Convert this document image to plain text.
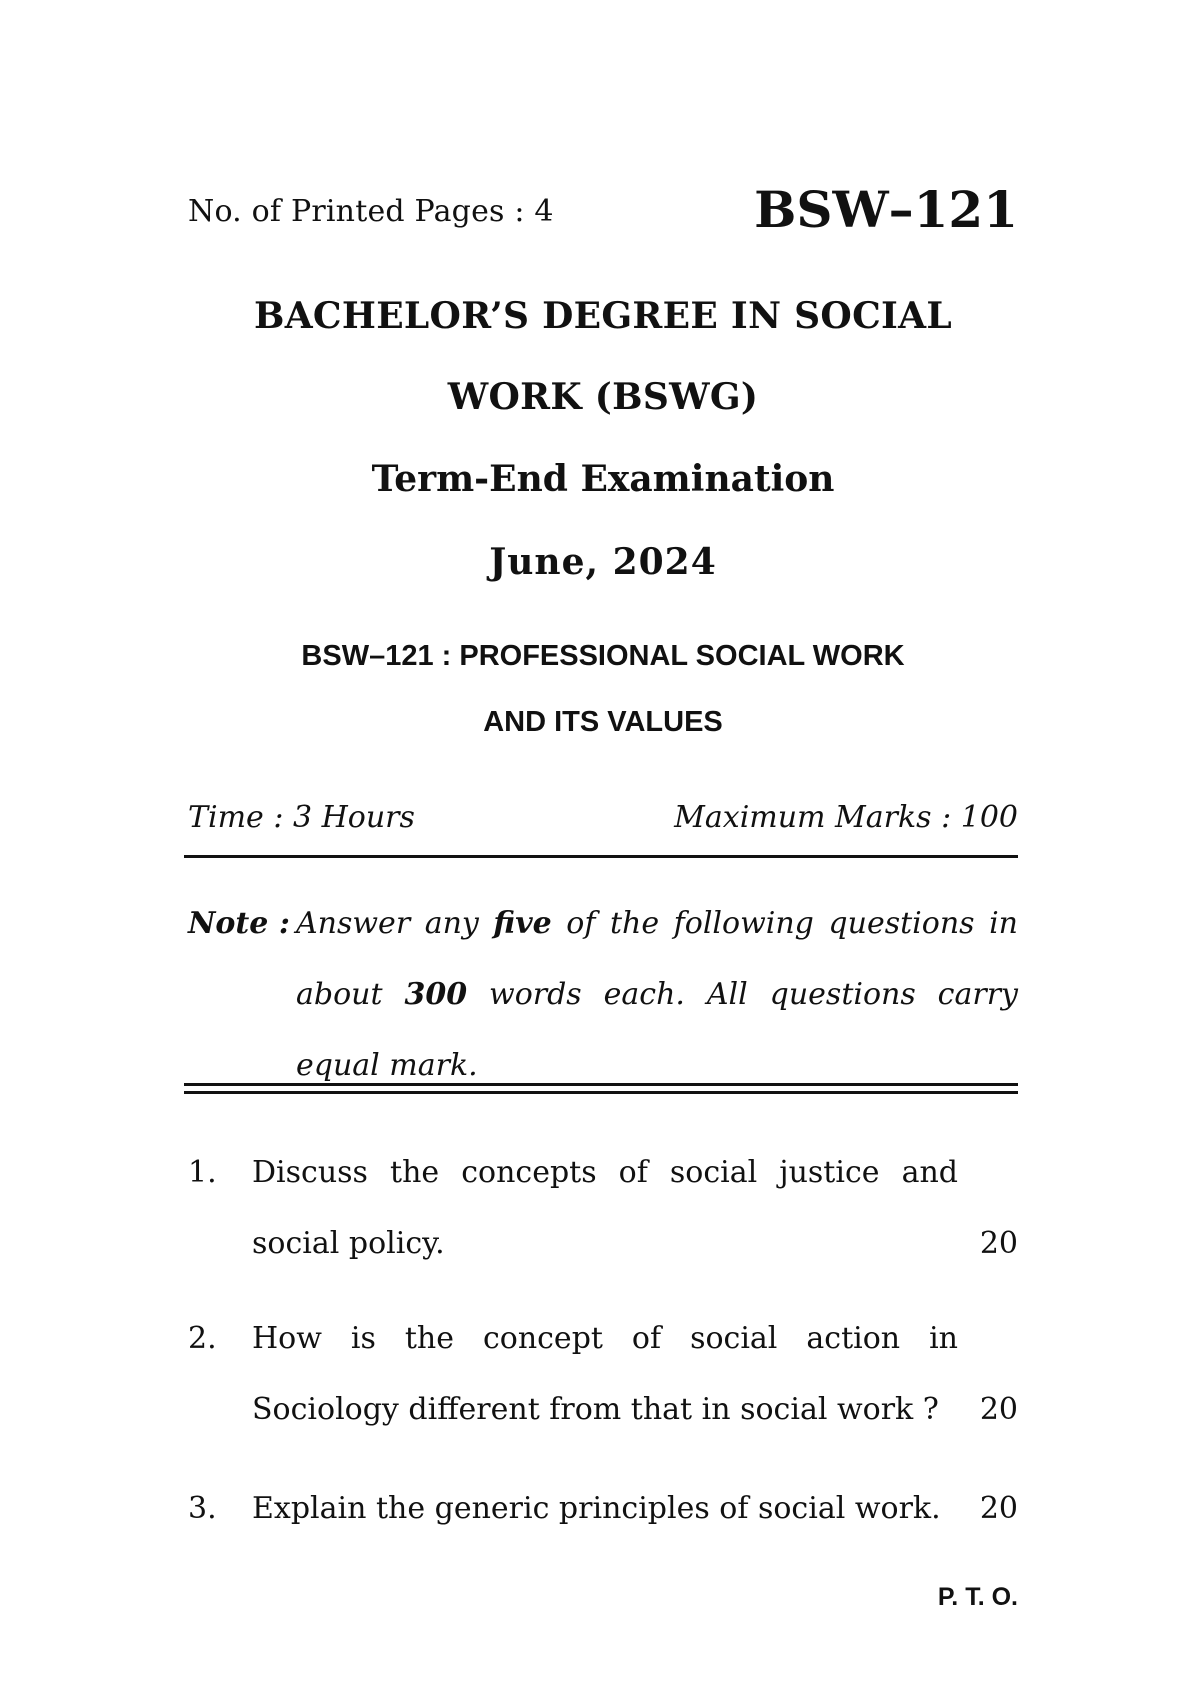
No. of Printed Pages : 4	BSW–121
BACHELOR’S DEGREE IN SOCIAL
WORK (BSWG)
Term-End Examination
June, 2024
BSW–121 : PROFESSIONAL SOCIAL WORK
AND ITS VALUES
Time : 3 Hours	Maximum Marks : 100
Note : Answer any five of the following questions in about 300 words each. All questions carry equal mark.
1. Discuss the concepts of social justice and social policy.	20
2. How is the concept of social action in Sociology different from that in social work ?	20
3. Explain the generic principles of social work.	20
P. T. O.
